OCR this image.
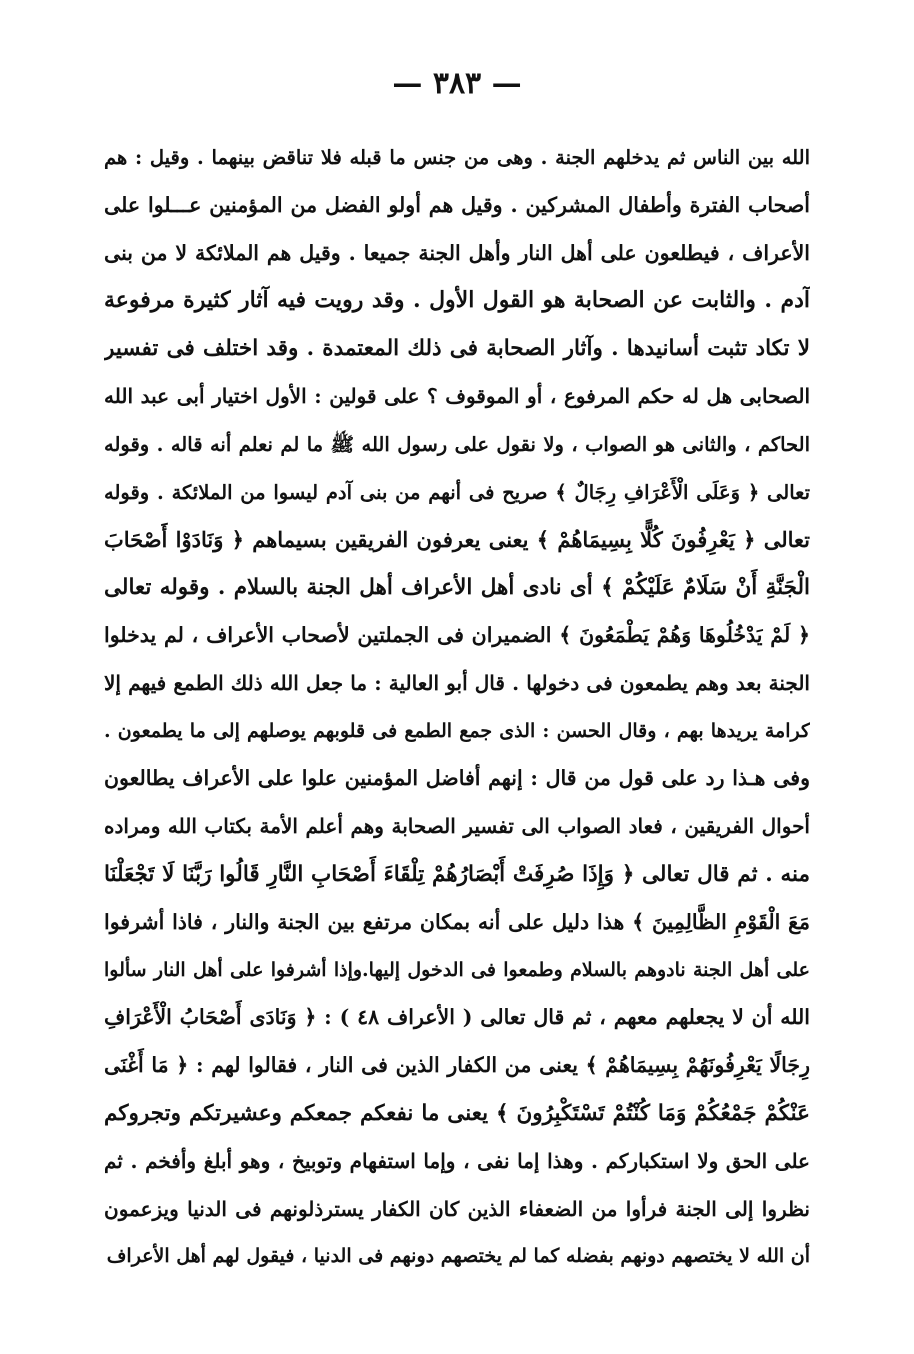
— ٣٨٣ —
الله بين الناس ثم يدخلهم الجنة . وهى من جنس ما قبله فلا تناقض بينهما . وقيل : هم
أصحاب الفترة وأطفال المشركين . وقيل هم أولو الفضل من المؤمنين عـــلوا على
الأعراف ، فيطلعون على أهل النار وأهل الجنة جميعا . وقيل هم الملائكة لا من بنى
آدم . والثابت عن الصحابة هو القول الأول . وقد رويت فيه آثار كثيرة مرفوعة
لا تكاد تثبت أسانيدها . وآثار الصحابة فى ذلك المعتمدة . وقد اختلف فى تفسير
الصحابى هل له حكم المرفوع ، أو الموقوف ؟ على قولين : الأول اختيار أبى عبد الله
الحاكم ، والثانى هو الصواب ، ولا نقول على رسول الله ﷺ ما لم نعلم أنه قاله . وقوله
تعالى ﴿ وَعَلَى الْأَعْرَافِ رِجَالٌ ﴾ صريح فى أنهم من بنى آدم ليسوا من الملائكة . وقوله
تعالى ﴿ يَعْرِفُونَ كُلًّا بِسِيمَاهُمْ ﴾ يعنى يعرفون الفريقين بسيماهم ﴿ وَنَادَوْا أَصْحَابَ
الْجَنَّةِ أَنْ سَلَامٌ عَلَيْكُمْ ﴾ أى نادى أهل الأعراف أهل الجنة بالسلام . وقوله تعالى
﴿ لَمْ يَدْخُلُوهَا وَهُمْ يَطْمَعُونَ ﴾ الضميران فى الجملتين لأصحاب الأعراف ، لم يدخلوا
الجنة بعد وهم يطمعون فى دخولها . قال أبو العالية : ما جعل الله ذلك الطمع فيهم إلا
كرامة يريدها بهم ، وقال الحسن : الذى جمع الطمع فى قلوبهم يوصلهم إلى ما يطمعون .
وفى هـذا رد على قول من قال : إنهم أفاضل المؤمنين علوا على الأعراف يطالعون
أحوال الفريقين ، فعاد الصواب الى تفسير الصحابة وهم أعلم الأمة بكتاب الله ومراده
منه . ثم قال تعالى ﴿ وَإِذَا صُرِفَتْ أَبْصَارُهُمْ تِلْقَاءَ أَصْحَابِ النَّارِ قَالُوا رَبَّنَا لَا تَجْعَلْنَا
مَعَ الْقَوْمِ الظَّالِمِينَ ﴾ هذا دليل على أنه بمكان مرتفع بين الجنة والنار ، فاذا أشرفوا
على أهل الجنة نادوهم بالسلام وطمعوا فى الدخول إليها.وإذا أشرفوا على أهل النار سألوا
الله أن لا يجعلهم معهم ، ثم قال تعالى ( الأعراف ٤٨ ) : ﴿ وَنَادَى أَصْحَابُ الْأَعْرَافِ
رِجَالًا يَعْرِفُونَهُمْ بِسِيمَاهُمْ ﴾ يعنى من الكفار الذين فى النار ، فقالوا لهم : ﴿ مَا أَغْنَى
عَنْكُمْ جَمْعُكُمْ وَمَا كُنْتُمْ تَسْتَكْبِرُونَ ﴾ يعنى ما نفعكم جمعكم وعشيرتكم وتجروكم
على الحق ولا استكباركم . وهذا إما نفى ، وإما استفهام وتوبيخ ، وهو أبلغ وأفخم . ثم
نظروا إلى الجنة فرأوا من الضعفاء الذين كان الكفار يسترذلونهم فى الدنيا ويزعمون
أن الله لا يختصهم دونهم بفضله كما لم يختصهم دونهم فى الدنيا ، فيقول لهم أهل الأعراف
